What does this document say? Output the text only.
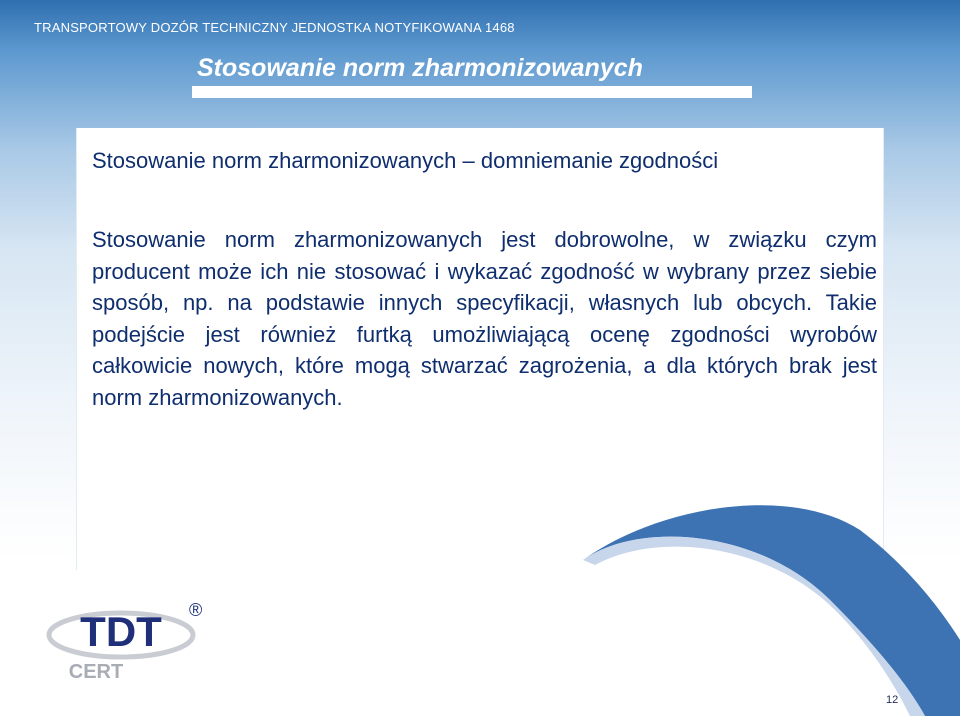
TRANSPORTOWY DOZÓR TECHNICZNY JEDNOSTKA NOTYFIKOWANA 1468
Stosowanie norm zharmonizowanych
Stosowanie norm zharmonizowanych – domniemanie zgodności
Stosowanie norm zharmonizowanych jest dobrowolne, w związku czym producent może ich nie stosować i wykazać zgodność w wybrany przez siebie sposób, np. na podstawie innych specyfikacji, własnych lub obcych. Takie podejście jest również furtką umożliwiającą ocenę zgodności wyrobów całkowicie nowych, które mogą stwarzać zagrożenia, a dla których brak jest norm zharmonizowanych.
TDT
CERT
®
12
